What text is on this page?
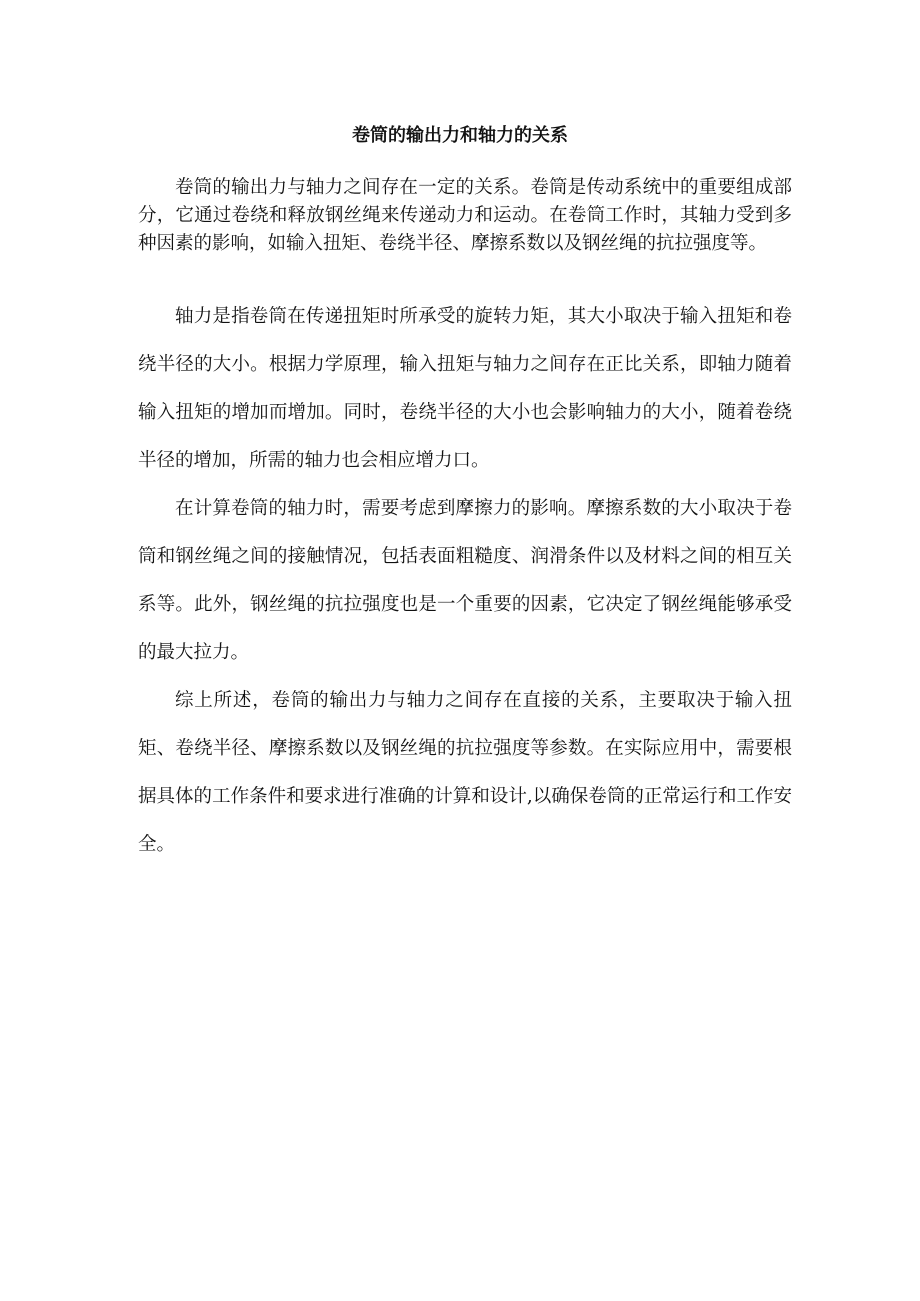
卷筒的输出力和轴力的关系

卷筒的输出力与轴力之间存在一定的关系。卷筒是传动系统中的重要组成部分，它通过卷绕和释放钢丝绳来传递动力和运动。在卷筒工作时，其轴力受到多种因素的影响，如输入扭矩、卷绕半径、摩擦系数以及钢丝绳的抗拉强度等。

轴力是指卷筒在传递扭矩时所承受的旋转力矩，其大小取决于输入扭矩和卷绕半径的大小。根据力学原理，输入扭矩与轴力之间存在正比关系，即轴力随着输入扭矩的增加而增加。同时，卷绕半径的大小也会影响轴力的大小，随着卷绕半径的增加，所需的轴力也会相应增力口。

在计算卷筒的轴力时，需要考虑到摩擦力的影响。摩擦系数的大小取决于卷筒和钢丝绳之间的接触情况，包括表面粗糙度、润滑条件以及材料之间的相互关系等。此外，钢丝绳的抗拉强度也是一个重要的因素，它决定了钢丝绳能够承受的最大拉力。

综上所述，卷筒的输出力与轴力之间存在直接的关系，主要取决于输入扭矩、卷绕半径、摩擦系数以及钢丝绳的抗拉强度等参数。在实际应用中，需要根据具体的工作条件和要求进行准确的计算和设计,以确保卷筒的正常运行和工作安全。
